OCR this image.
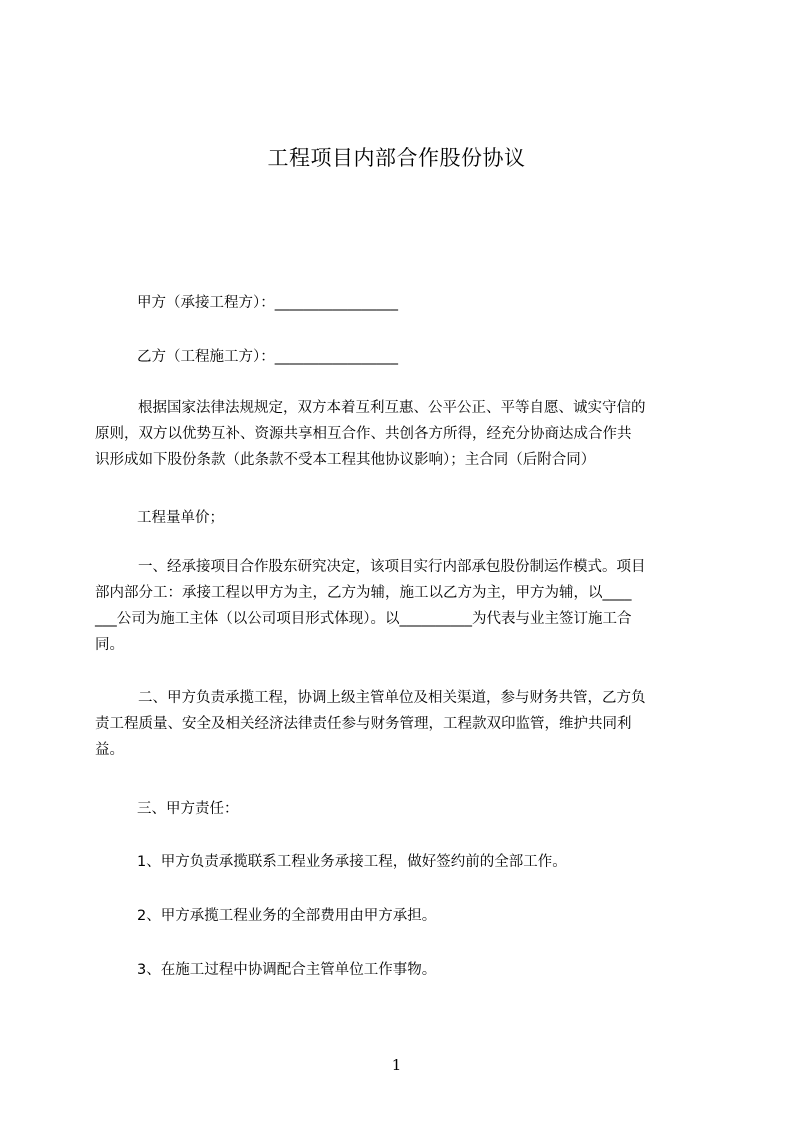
工程项目内部合作股份协议

甲方（承接工程方）：_________________

乙方（工程施工方）：_________________

根据国家法律法规规定，双方本着互利互惠、公平公正、平等自愿、诚实守信的
原则，双方以优势互补、资源共享相互合作、共创各方所得，经充分协商达成合作共
识形成如下股份条款（此条款不受本工程其他协议影响）；主合同（后附合同）

工程量单价；

一、经承接项目合作股东研究决定，该项目实行内部承包股份制运作模式。项目
部内部分工：承接工程以甲方为主，乙方为辅，施工以乙方为主，甲方为辅，以____
___公司为施工主体（以公司项目形式体现）。以__________为代表与业主签订施工合
同。
二、甲方负责承揽工程，协调上级主管单位及相关渠道，参与财务共管，乙方负
责工程质量、安全及相关经济法律责任参与财务管理，工程款双印监管，维护共同利
益。

三、甲方责任：

1、甲方负责承揽联系工程业务承接工程，做好签约前的全部工作。

2、甲方承揽工程业务的全部费用由甲方承担。

3、在施工过程中协调配合主管单位工作事物。

1
